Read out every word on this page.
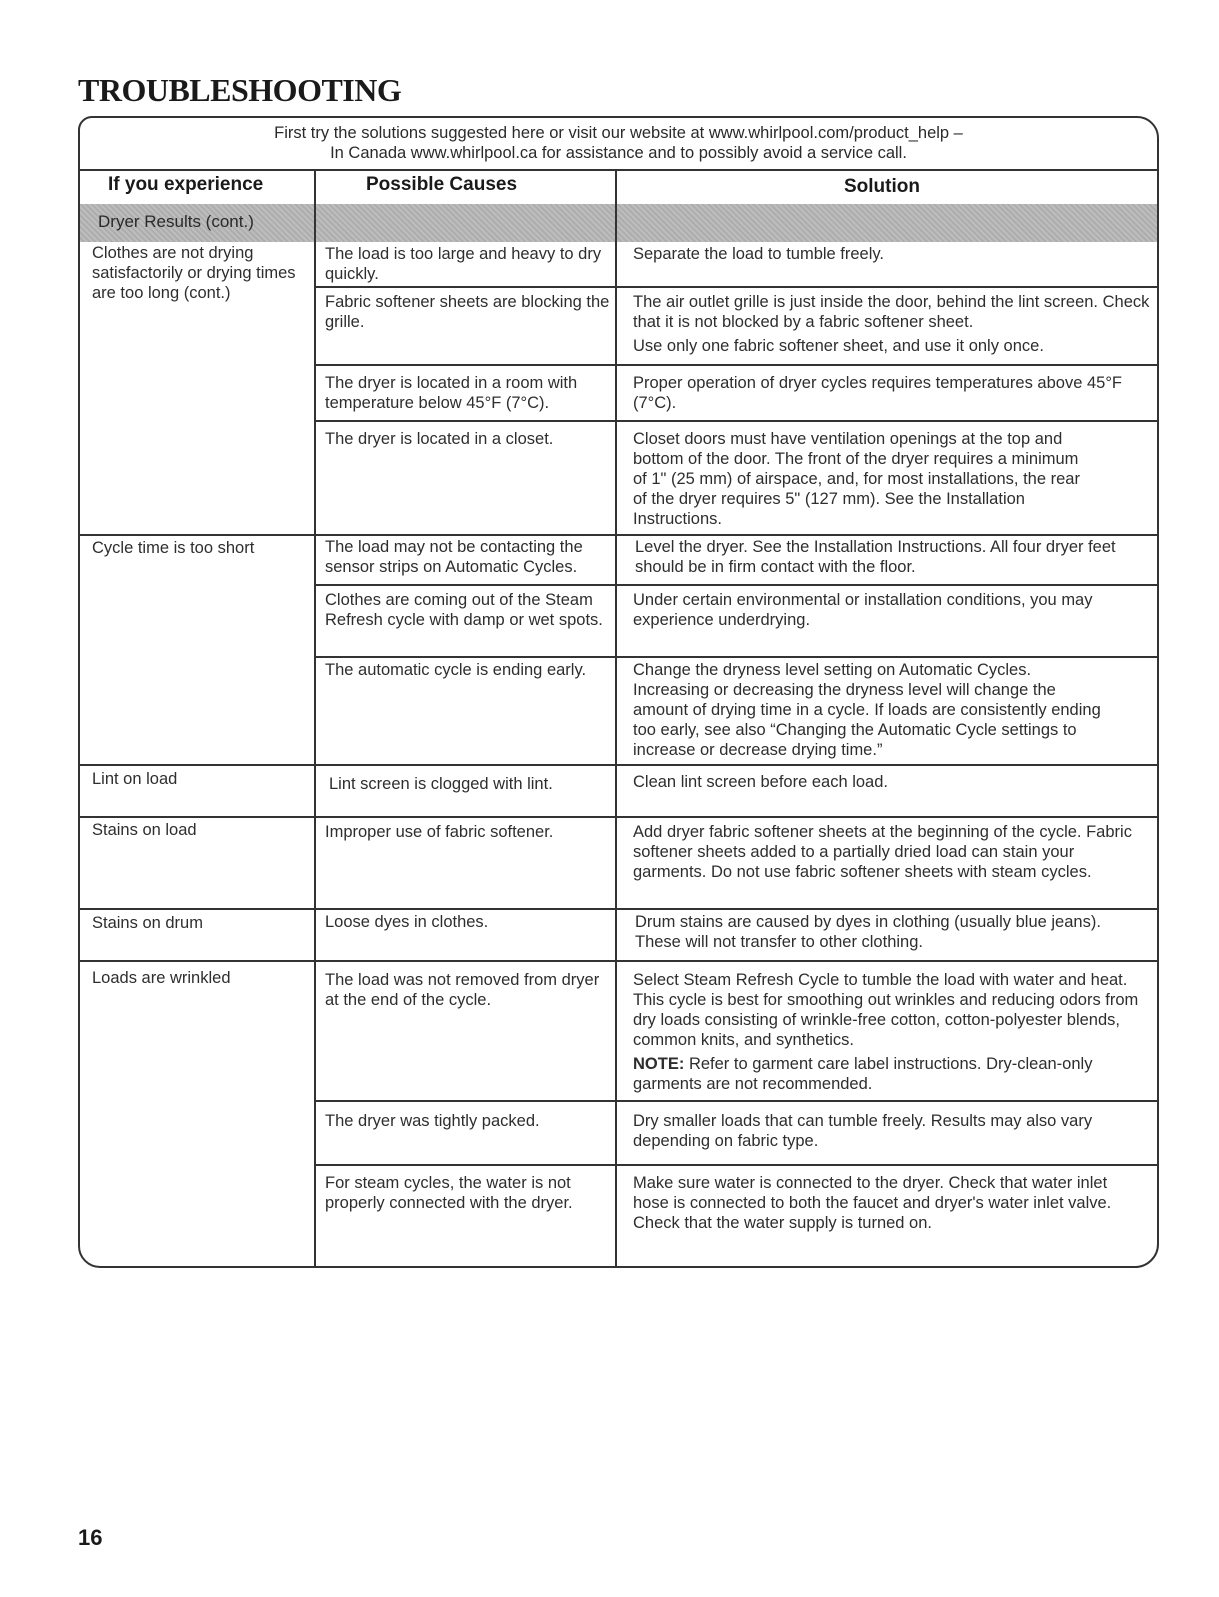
TROUBLESHOOTING
First try the solutions suggested here or visit our website at www.whirlpool.com/product_help –
In Canada www.whirlpool.ca for assistance and to possibly avoid a service call.
If you experience	Possible Causes	Solution
Dryer Results (cont.)
Clothes are not drying satisfactorily or drying times are too long (cont.)
Cycle time is too short
Lint on load
Stains on load
Stains on drum
Loads are wrinkled
The load is too large and heavy to dry quickly.
Fabric softener sheets are blocking the grille.
The dryer is located in a room with temperature below 45°F (7°C).
The dryer is located in a closet.
The load may not be contacting the sensor strips on Automatic Cycles.
Clothes are coming out of the Steam Refresh cycle with damp or wet spots.
The automatic cycle is ending early.
Lint screen is clogged with lint.
Improper use of fabric softener.
Loose dyes in clothes.
The load was not removed from dryer at the end of the cycle.
The dryer was tightly packed.
For steam cycles, the water is not properly connected with the dryer.
Separate the load to tumble freely.

The air outlet grille is just inside the door, behind the lint screen. Check that it is not blocked by a fabric softener sheet.

Use only one fabric softener sheet, and use it only once.

Proper operation of dryer cycles requires temperatures above 45°F (7°C).
Closet doors must have ventilation openings at the top and bottom of the door. The front of the dryer requires a minimum of 1" (25 mm) of airspace, and, for most installations, the rear of the dryer requires 5" (127 mm). See the Installation Instructions.
Level the dryer. See the Installation Instructions. All four dryer feet should be in firm contact with the floor.
Under certain environmental or installation conditions, you may experience underdrying.
Change the dryness level setting on Automatic Cycles. Increasing or decreasing the dryness level will change the amount of drying time in a cycle. If loads are consistently ending too early, see also “Changing the Automatic Cycle settings to increase or decrease drying time.”
Clean lint screen before each load.
Add dryer fabric softener sheets at the beginning of the cycle. Fabric softener sheets added to a partially dried load can stain your garments. Do not use fabric softener sheets with steam cycles.
Drum stains are caused by dyes in clothing (usually blue jeans). These will not transfer to other clothing.

Select Steam Refresh Cycle to tumble the load with water and heat. This cycle is best for smoothing out wrinkles and reducing odors from dry loads consisting of wrinkle-free cotton, cotton-polyester blends, common knits, and synthetics.

NOTE: Refer to garment care label instructions. Dry-clean-only garments are not recommended.

Dry smaller loads that can tumble freely. Results may also vary depending on fabric type.
Make sure water is connected to the dryer. Check that water inlet hose is connected to both the faucet and dryer's water inlet valve. Check that the water supply is turned on.
16
